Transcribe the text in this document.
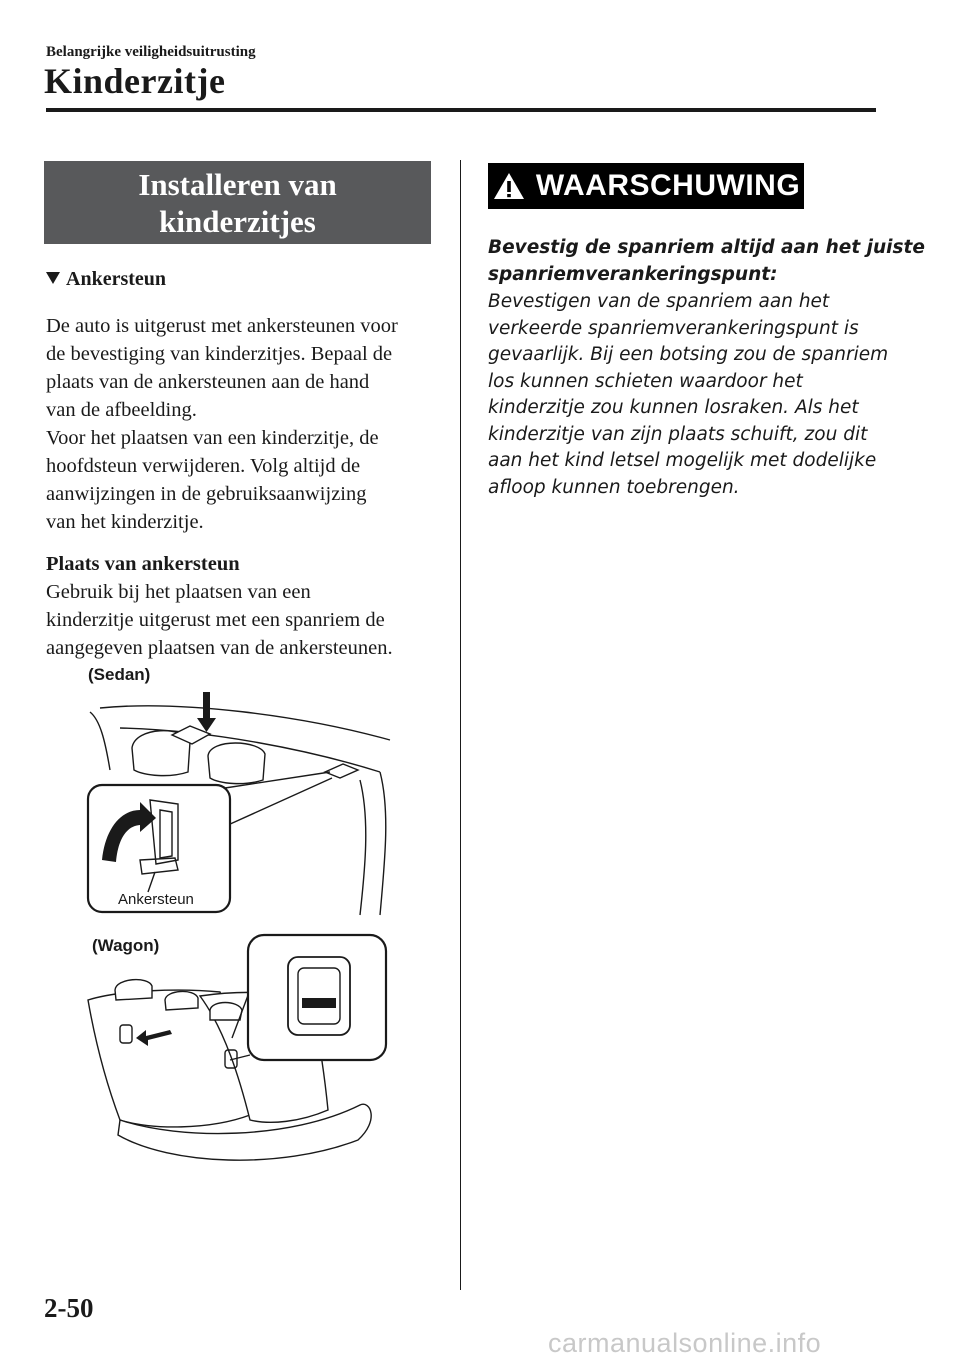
Belangrijke veiligheidsuitrusting
Kinderzitje
Installeren van
kinderzitjes
Ankersteun
De auto is uitgerust met ankersteunen voor
de bevestiging van kinderzitjes. Bepaal de
plaats van de ankersteunen aan de hand
van de afbeelding.
Voor het plaatsen van een kinderzitje, de
hoofdsteun verwijderen. Volg altijd de
aanwijzingen in de gebruiksaanwijzing
van het kinderzitje.
Plaats van ankersteun
Gebruik bij het plaatsen van een
kinderzitje uitgerust met een spanriem de
aangegeven plaatsen van de ankersteunen.
(Sedan)
Ankersteun
(Wagon)
WAARSCHUWING
Bevestig de spanriem altijd aan het juiste
spanriemverankeringspunt:
Bevestigen van de spanriem aan het
verkeerde spanriemverankeringspunt is
gevaarlijk. Bij een botsing zou de spanriem
los kunnen schieten waardoor het
kinderzitje zou kunnen losraken. Als het
kinderzitje van zijn plaats schuift, zou dit
aan het kind letsel mogelijk met dodelijke
afloop kunnen toebrengen.
2-50
carmanualsonline.info
